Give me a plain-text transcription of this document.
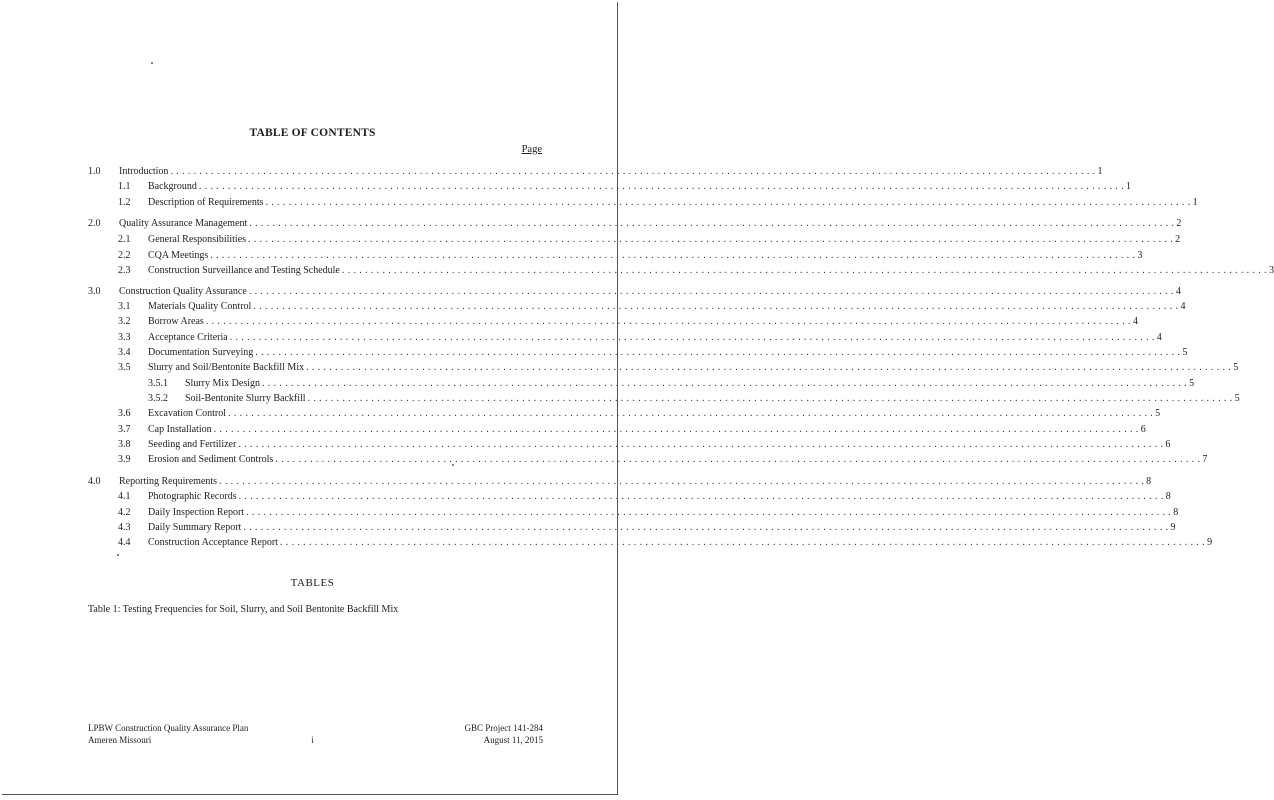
TABLE OF CONTENTS
Page
1.0 Introduction . . . . . . . . . . . . . . . . . . . . . . . . . . . . . . . . . . . . . . . . . . . . . . . . . . . . . . . . . . . . . . . . . . . . . . . . . . . . . . . . . . . . . . . . . . . . . . . . . . . . . . . . . . . . . . . . . . . . . . . . . . . . . . . . . . . . . . . . . . . . . . . . . . . . . . . . . . . . . . . . 1
1.1 Background . . . . . . . . . . . . . . . . . . . . . . . . . . . . . . . . . . . . . . . . . . . . . . . . . . . . . . . . . . . . . . . . . . . . . . . . . . . . . . . . . . . . . . . . . . . . . . . . . . . . . . . . . . . . . . . . . . . . . . . . . . . . . . . . . . . . . . . . . . . . . . . . . . . . . . . . . . . . . . . . 1
1.2 Description of Requirements . . . . . . . . . . . . . . . . . . . . . . . . . . . . . . . . . . . . . . . . . . . . . . . . . . . . . . . . . . . . . . . . . . . . . . . . . . . . . . . . . . . . . . . . . . . . . . . . . . . . . . . . . . . . . . . . . . . . . . . . . . . . . . . . . . . . . . . . . . . . . . . . . . . . . . . . . . . . . . . . 1
2.0 Quality Assurance Management . . . . . . . . . . . . . . . . . . . . . . . . . . . . . . . . . . . . . . . . . . . . . . . . . . . . . . . . . . . . . . . . . . . . . . . . . . . . . . . . . . . . . . . . . . . . . . . . . . . . . . . . . . . . . . . . . . . . . . . . . . . . . . . . . . . . . . . . . . . . . . . . . . . . . . . . . . . . . . . . 2
2.1 General Responsibilities . . . . . . . . . . . . . . . . . . . . . . . . . . . . . . . . . . . . . . . . . . . . . . . . . . . . . . . . . . . . . . . . . . . . . . . . . . . . . . . . . . . . . . . . . . . . . . . . . . . . . . . . . . . . . . . . . . . . . . . . . . . . . . . . . . . . . . . . . . . . . . . . . . . . . . . . . . . . . . . . 2
2.2 CQA Meetings . . . . . . . . . . . . . . . . . . . . . . . . . . . . . . . . . . . . . . . . . . . . . . . . . . . . . . . . . . . . . . . . . . . . . . . . . . . . . . . . . . . . . . . . . . . . . . . . . . . . . . . . . . . . . . . . . . . . . . . . . . . . . . . . . . . . . . . . . . . . . . . . . . . . . . . . . . . . . . . . 3
2.3 Construction Surveillance and Testing Schedule . . . . . . . . . . . . . . . . . . . . . . . . . . . . . . . . . . . . . . . . . . . . . . . . . . . . . . . . . . . . . . . . . . . . . . . . . . . . . . . . . . . . . . . . . . . . . . . . . . . . . . . . . . . . . . . . . . . . . . . . . . . . . . . . . . . . . . . . . . . . . . . . . . . . . . . . . . . . . . . . 3
3.0 Construction Quality Assurance . . . . . . . . . . . . . . . . . . . . . . . . . . . . . . . . . . . . . . . . . . . . . . . . . . . . . . . . . . . . . . . . . . . . . . . . . . . . . . . . . . . . . . . . . . . . . . . . . . . . . . . . . . . . . . . . . . . . . . . . . . . . . . . . . . . . . . . . . . . . . . . . . . . . . . . . . . . . . . . . 4
3.1 Materials Quality Control . . . . . . . . . . . . . . . . . . . . . . . . . . . . . . . . . . . . . . . . . . . . . . . . . . . . . . . . . . . . . . . . . . . . . . . . . . . . . . . . . . . . . . . . . . . . . . . . . . . . . . . . . . . . . . . . . . . . . . . . . . . . . . . . . . . . . . . . . . . . . . . . . . . . . . . . . . . . . . . . 4
3.2 Borrow Areas . . . . . . . . . . . . . . . . . . . . . . . . . . . . . . . . . . . . . . . . . . . . . . . . . . . . . . . . . . . . . . . . . . . . . . . . . . . . . . . . . . . . . . . . . . . . . . . . . . . . . . . . . . . . . . . . . . . . . . . . . . . . . . . . . . . . . . . . . . . . . . . . . . . . . . . . . . . . . . . . 4
3.3 Acceptance Criteria . . . . . . . . . . . . . . . . . . . . . . . . . . . . . . . . . . . . . . . . . . . . . . . . . . . . . . . . . . . . . . . . . . . . . . . . . . . . . . . . . . . . . . . . . . . . . . . . . . . . . . . . . . . . . . . . . . . . . . . . . . . . . . . . . . . . . . . . . . . . . . . . . . . . . . . . . . . . . . . . 4
3.4 Documentation Surveying . . . . . . . . . . . . . . . . . . . . . . . . . . . . . . . . . . . . . . . . . . . . . . . . . . . . . . . . . . . . . . . . . . . . . . . . . . . . . . . . . . . . . . . . . . . . . . . . . . . . . . . . . . . . . . . . . . . . . . . . . . . . . . . . . . . . . . . . . . . . . . . . . . . . . . . . . . . . . . . . 5
3.5 Slurry and Soil/Bentonite Backfill Mix . . . . . . . . . . . . . . . . . . . . . . . . . . . . . . . . . . . . . . . . . . . . . . . . . . . . . . . . . . . . . . . . . . . . . . . . . . . . . . . . . . . . . . . . . . . . . . . . . . . . . . . . . . . . . . . . . . . . . . . . . . . . . . . . . . . . . . . . . . . . . . . . . . . . . . . . . . . . . . . . 5
3.5.1 Slurry Mix Design . . . . . . . . . . . . . . . . . . . . . . . . . . . . . . . . . . . . . . . . . . . . . . . . . . . . . . . . . . . . . . . . . . . . . . . . . . . . . . . . . . . . . . . . . . . . . . . . . . . . . . . . . . . . . . . . . . . . . . . . . . . . . . . . . . . . . . . . . . . . . . . . . . . . . . . . . . . . . . . . 5
3.5.2 Soil-Bentonite Slurry Backfill . . . . . . . . . . . . . . . . . . . . . . . . . . . . . . . . . . . . . . . . . . . . . . . . . . . . . . . . . . . . . . . . . . . . . . . . . . . . . . . . . . . . . . . . . . . . . . . . . . . . . . . . . . . . . . . . . . . . . . . . . . . . . . . . . . . . . . . . . . . . . . . . . . . . . . . . . . . . . . . . 5
3.6 Excavation Control . . . . . . . . . . . . . . . . . . . . . . . . . . . . . . . . . . . . . . . . . . . . . . . . . . . . . . . . . . . . . . . . . . . . . . . . . . . . . . . . . . . . . . . . . . . . . . . . . . . . . . . . . . . . . . . . . . . . . . . . . . . . . . . . . . . . . . . . . . . . . . . . . . . . . . . . . . . . . . . . 5
3.7 Cap Installation . . . . . . . . . . . . . . . . . . . . . . . . . . . . . . . . . . . . . . . . . . . . . . . . . . . . . . . . . . . . . . . . . . . . . . . . . . . . . . . . . . . . . . . . . . . . . . . . . . . . . . . . . . . . . . . . . . . . . . . . . . . . . . . . . . . . . . . . . . . . . . . . . . . . . . . . . . . . . . . . 6
3.8 Seeding and Fertilizer . . . . . . . . . . . . . . . . . . . . . . . . . . . . . . . . . . . . . . . . . . . . . . . . . . . . . . . . . . . . . . . . . . . . . . . . . . . . . . . . . . . . . . . . . . . . . . . . . . . . . . . . . . . . . . . . . . . . . . . . . . . . . . . . . . . . . . . . . . . . . . . . . . . . . . . . . . . . . . . . 6
3.9 Erosion and Sediment Controls . . . . . . . . . . . . . . . . . . . . . . . . . . . . . . . . . . . . . . . . . . . . . . . . . . . . . . . . . . . . . . . . . . . . . . . . . . . . . . . . . . . . . . . . . . . . . . . . . . . . . . . . . . . . . . . . . . . . . . . . . . . . . . . . . . . . . . . . . . . . . . . . . . . . . . . . . . . . . . . . 7
4.0 Reporting Requirements . . . . . . . . . . . . . . . . . . . . . . . . . . . . . . . . . . . . . . . . . . . . . . . . . . . . . . . . . . . . . . . . . . . . . . . . . . . . . . . . . . . . . . . . . . . . . . . . . . . . . . . . . . . . . . . . . . . . . . . . . . . . . . . . . . . . . . . . . . . . . . . . . . . . . . . . . . . . . . . . 8
4.1 Photographic Records . . . . . . . . . . . . . . . . . . . . . . . . . . . . . . . . . . . . . . . . . . . . . . . . . . . . . . . . . . . . . . . . . . . . . . . . . . . . . . . . . . . . . . . . . . . . . . . . . . . . . . . . . . . . . . . . . . . . . . . . . . . . . . . . . . . . . . . . . . . . . . . . . . . . . . . . . . . . . . . . 8
4.2 Daily Inspection Report . . . . . . . . . . . . . . . . . . . . . . . . . . . . . . . . . . . . . . . . . . . . . . . . . . . . . . . . . . . . . . . . . . . . . . . . . . . . . . . . . . . . . . . . . . . . . . . . . . . . . . . . . . . . . . . . . . . . . . . . . . . . . . . . . . . . . . . . . . . . . . . . . . . . . . . . . . . . . . . . 8
4.3 Daily Summary Report . . . . . . . . . . . . . . . . . . . . . . . . . . . . . . . . . . . . . . . . . . . . . . . . . . . . . . . . . . . . . . . . . . . . . . . . . . . . . . . . . . . . . . . . . . . . . . . . . . . . . . . . . . . . . . . . . . . . . . . . . . . . . . . . . . . . . . . . . . . . . . . . . . . . . . . . . . . . . . . . 9
4.4 Construction Acceptance Report . . . . . . . . . . . . . . . . . . . . . . . . . . . . . . . . . . . . . . . . . . . . . . . . . . . . . . . . . . . . . . . . . . . . . . . . . . . . . . . . . . . . . . . . . . . . . . . . . . . . . . . . . . . . . . . . . . . . . . . . . . . . . . . . . . . . . . . . . . . . . . . . . . . . . . . . . . . . . . . . 9
TABLES
Table 1: Testing Frequencies for Soil, Slurry, and Soil Bentonite Backfill Mix
LPBW Construction Quality Assurance Plan
Ameren Missouri	i
GBC Project 141-284
August 11, 2015
